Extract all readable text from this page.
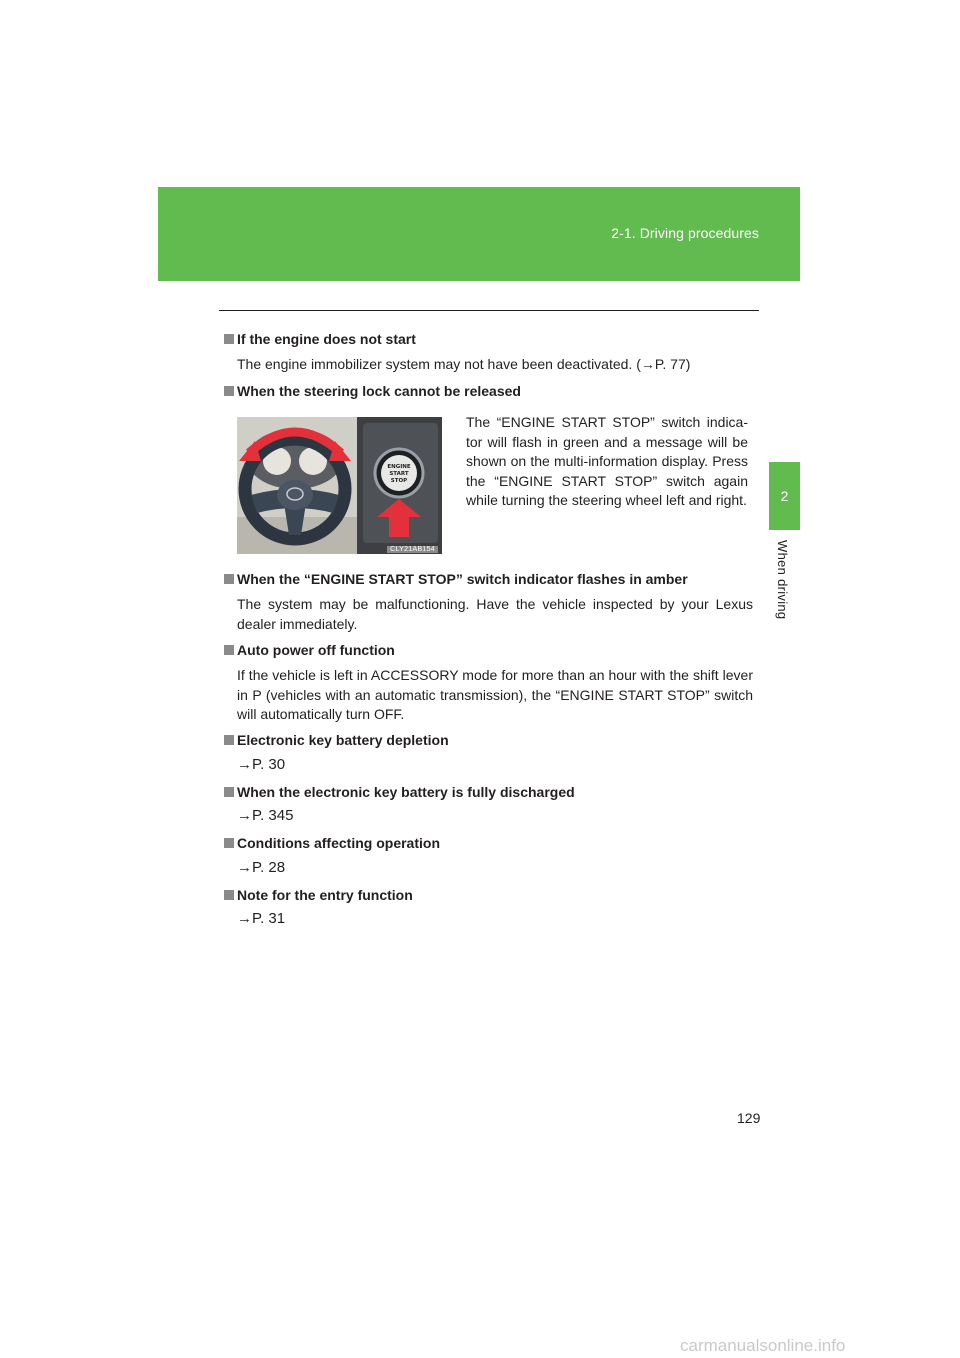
2-1. Driving procedures
2
When driving
If the engine does not start
The engine immobilizer system may not have been deactivated. (→P. 77)
When the steering lock cannot be released
ENGINE
START
STOP
CLY21AB154
The “ENGINE START STOP” switch indica-tor will flash in green and a message will be shown on the multi-information display. Press the “ENGINE START STOP” switch again while turning the steering wheel left and right.
When the “ENGINE START STOP” switch indicator flashes in amber
The system may be malfunctioning. Have the vehicle inspected by your Lexus dealer immediately.
Auto power off function
If the vehicle is left in ACCESSORY mode for more than an hour with the shift lever in P (vehicles with an automatic transmission), the “ENGINE START STOP” switch will automatically turn OFF.
Electronic key battery depletion
→P. 30
When the electronic key battery is fully discharged
→P. 345
Conditions affecting operation
→P. 28
Note for the entry function
→P. 31
129
carmanualsonline.info
